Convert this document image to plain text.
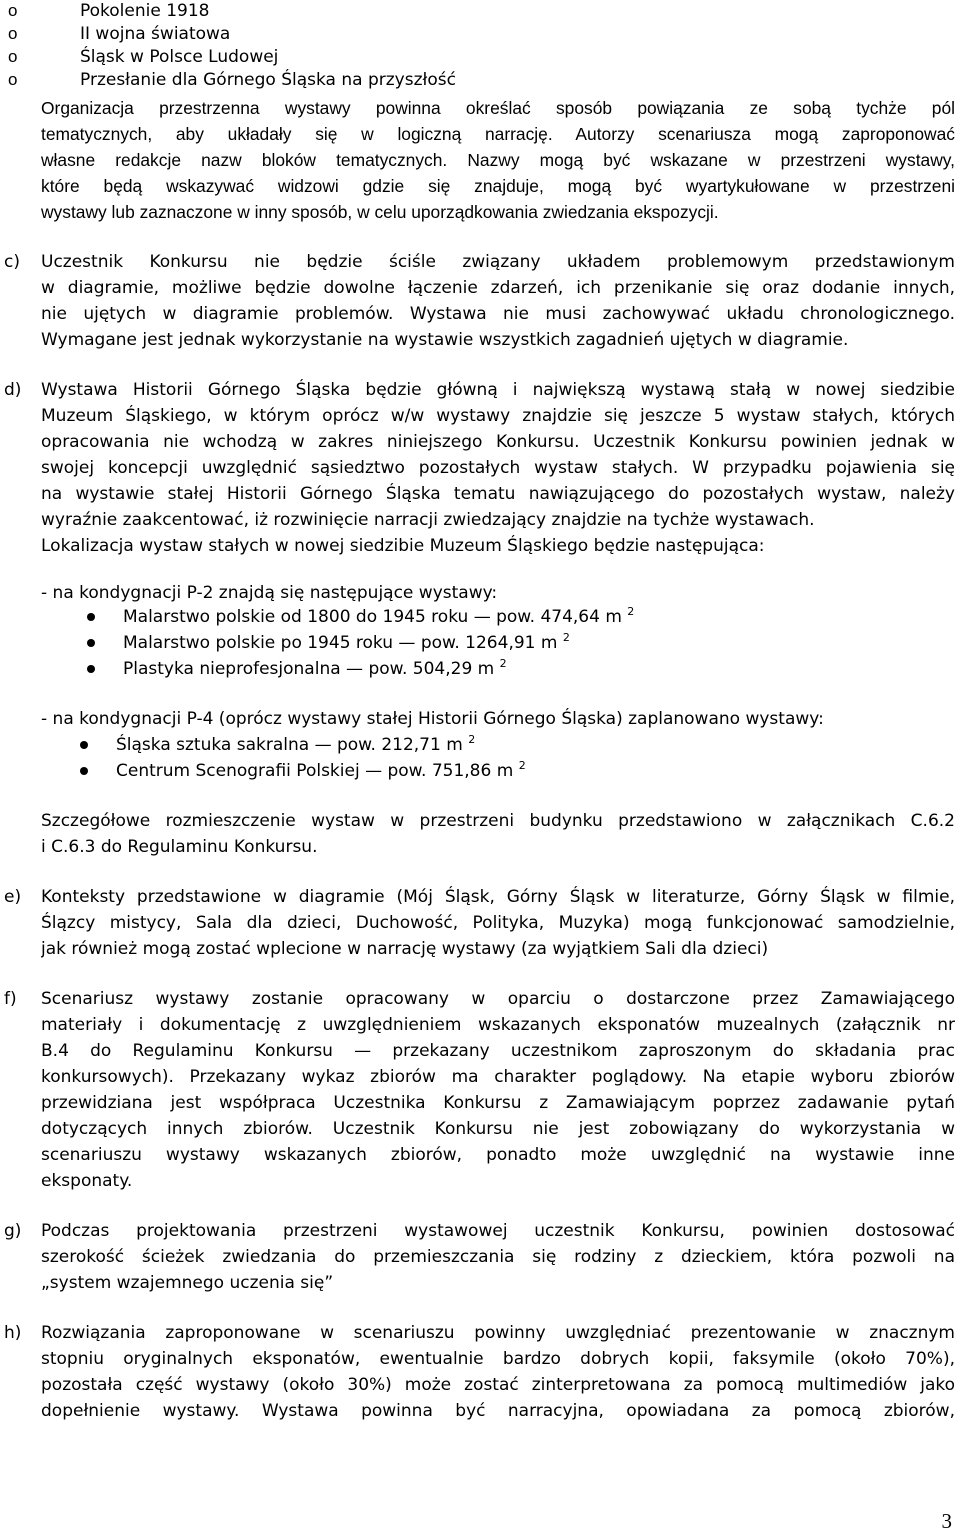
o	Pokolenie 1918
o	II wojna światowa
o	Śląsk w Polsce Ludowej
o	Przesłanie dla Górnego Śląska na przyszłość
Organizacja przestrzenna wystawy powinna określać sposób powiązania ze sobą tychże pól
tematycznych, aby układały się w logiczną narrację. Autorzy scenariusza mogą zaproponować
własne redakcje nazw bloków tematycznych. Nazwy mogą być wskazane w przestrzeni wystawy,
które będą wskazywać widzowi gdzie się znajduje, mogą być wyartykułowane w przestrzeni
wystawy lub zaznaczone w inny sposób, w celu uporządkowania zwiedzania ekspozycji.
c) Uczestnik Konkursu nie będzie ściśle związany układem problemowym przedstawionym
w diagramie, możliwe będzie dowolne łączenie zdarzeń, ich przenikanie się oraz dodanie innych,
nie ujętych w diagramie problemów. Wystawa nie musi zachowywać układu chronologicznego.
Wymagane jest jednak wykorzystanie na wystawie wszystkich zagadnień ujętych w diagramie.
d) Wystawa Historii Górnego Śląska będzie główną i największą wystawą stałą w nowej siedzibie
Muzeum Śląskiego, w którym oprócz w/w wystawy znajdzie się jeszcze 5 wystaw stałych, których
opracowania nie wchodzą w zakres niniejszego Konkursu. Uczestnik Konkursu powinien jednak w
swojej koncepcji uwzględnić sąsiedztwo pozostałych wystaw stałych. W przypadku pojawienia się
na wystawie stałej Historii Górnego Śląska tematu nawiązującego do pozostałych wystaw, należy
wyraźnie zaakcentować, iż rozwinięcie narracji zwiedzający znajdzie na tychże wystawach.
Lokalizacja wystaw stałych w nowej siedzibie Muzeum Śląskiego będzie następująca:
- na kondygnacji P-2 znajdą się następujące wystawy:
Malarstwo polskie od 1800 do 1945 roku — pow. 474,64 m $^2$
Malarstwo polskie po 1945 roku — pow. 1264,91 m $^2$
Plastyka nieprofesjonalna — pow. 504,29 m $^2$
- na kondygnacji P-4 (oprócz wystawy stałej Historii Górnego Śląska) zaplanowano wystawy:
Śląska sztuka sakralna — pow. 212,71 m $^2$
Centrum Scenografii Polskiej — pow. 751,86 m $^2$
Szczegółowe rozmieszczenie wystaw w przestrzeni budynku przedstawiono w załącznikach C.6.2
i C.6.3 do Regulaminu Konkursu.
e) Konteksty przedstawione w diagramie (Mój Śląsk, Górny Śląsk w literaturze, Górny Śląsk w filmie,
Ślązcy mistycy, Sala dla dzieci, Duchowość, Polityka, Muzyka) mogą funkcjonować samodzielnie,
jak również mogą zostać wplecione w narrację wystawy (za wyjątkiem Sali dla dzieci)
f) Scenariusz wystawy zostanie opracowany w oparciu o dostarczone przez Zamawiającego
materiały i dokumentację z uwzględnieniem wskazanych eksponatów muzealnych (załącznik nr
B.4 do Regulaminu Konkursu — przekazany uczestnikom zaproszonym do składania prac
konkursowych). Przekazany wykaz zbiorów ma charakter poglądowy. Na etapie wyboru zbiorów
przewidziana jest współpraca Uczestnika Konkursu z Zamawiającym poprzez zadawanie pytań
dotyczących innych zbiorów. Uczestnik Konkursu nie jest zobowiązany do wykorzystania w
scenariuszu wystawy wskazanych zbiorów, ponadto może uwzględnić na wystawie inne
eksponaty.
g) Podczas projektowania przestrzeni wystawowej uczestnik Konkursu, powinien dostosować
szerokość ścieżek zwiedzania do przemieszczania się rodziny z dzieckiem, która pozwoli na
„system wzajemnego uczenia się”
h) Rozwiązania zaproponowane w scenariuszu powinny uwzględniać prezentowanie w znacznym
stopniu oryginalnych eksponatów, ewentualnie bardzo dobrych kopii, faksymile (około 70%),
pozostała część wystawy (około 30%) może zostać zinterpretowana za pomocą multimediów jako
dopełnienie wystawy. Wystawa powinna być narracyjna, opowiadana za pomocą zbiorów,
3
